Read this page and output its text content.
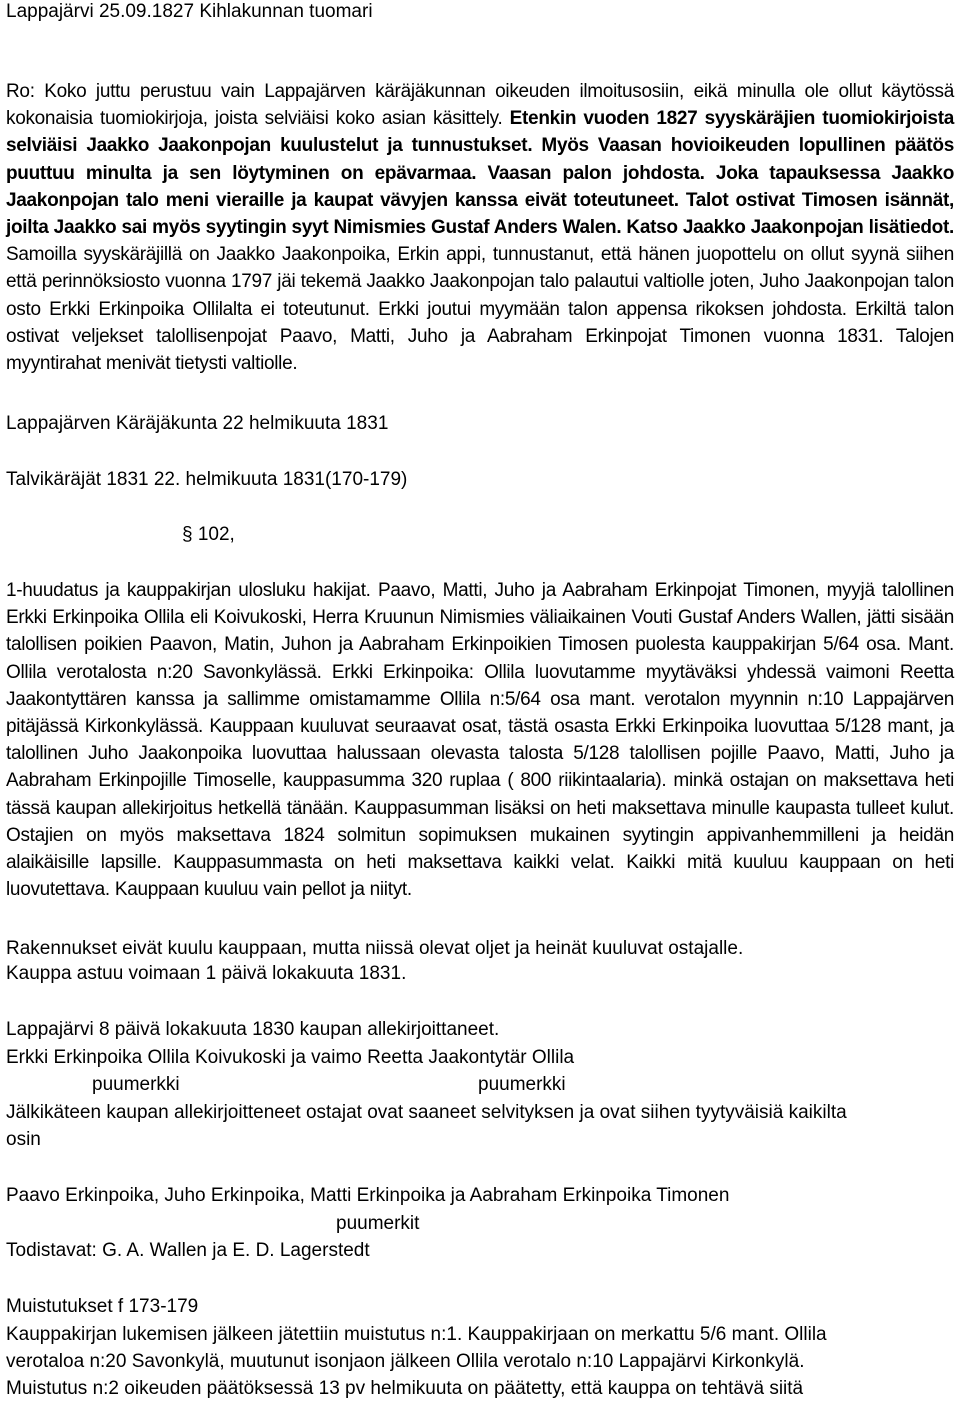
Lappajärvi 25.09.1827 Kihlakunnan tuomari
Ro: Koko juttu perustuu vain Lappajärven käräjäkunnan oikeuden ilmoitusosiin, eikä minulla ole ollut käytössä kokonaisia tuomiokirjoja, joista selviäisi koko asian käsittely. Etenkin vuoden 1827 syyskäräjien tuomiokirjoista selviäisi Jaakko Jaakonpojan kuulustelut ja tunnustukset. Myös Vaasan hovioikeuden lopullinen päätös puuttuu minulta ja sen löytyminen on epävarmaa. Vaasan palon johdosta. Joka tapauksessa Jaakko Jaakonpojan talo meni vieraille ja kaupat vävyjen kanssa eivät toteutuneet. Talot ostivat Timosen isännät, joilta Jaakko sai myös syytingin syyt Nimismies Gustaf Anders Walen. Katso Jaakko Jaakonpojan lisätiedot. Samoilla syyskäräjillä on Jaakko Jaakonpoika, Erkin appi, tunnustanut, että hänen juopottelu on ollut syynä siihen että perinnöksiosto vuonna 1797 jäi tekemä Jaakko Jaakonpojan talo palautui valtiolle joten, Juho Jaakonpojan talon osto Erkki Erkinpoika Ollilalta ei toteutunut. Erkki joutui myymään talon appensa rikoksen johdosta. Erkiltä talon ostivat veljekset talollisenpojat Paavo, Matti, Juho ja Aabraham Erkinpojat Timonen vuonna 1831. Talojen myyntirahat menivät tietysti valtiolle.
Lappajärven Käräjäkunta 22 helmikuuta 1831
Talvikäräjät 1831 22. helmikuuta 1831(170-179)
§ 102,
1-huudatus ja kauppakirjan ulosluku hakijat. Paavo, Matti, Juho ja Aabraham Erkinpojat Timonen, myyjä talollinen Erkki Erkinpoika Ollila eli Koivukoski, Herra Kruunun Nimismies väliaikainen Vouti Gustaf Anders Wallen, jätti sisään talollisen poikien Paavon, Matin, Juhon ja Aabraham Erkinpoikien Timosen puolesta kauppakirjan 5/64 osa. Mant. Ollila verotalosta n:20 Savonkylässä. Erkki Erkinpoika: Ollila luovutamme myytäväksi yhdessä vaimoni Reetta Jaakontyttären kanssa ja sallimme omistamamme Ollila n:5/64 osa mant. verotalon myynnin n:10 Lappajärven pitäjässä Kirkonkylässä. Kauppaan kuuluvat seuraavat osat, tästä osasta Erkki Erkinpoika luovuttaa 5/128 mant, ja talollinen Juho Jaakonpoika luovuttaa halussaan olevasta talosta 5/128 talollisen pojille Paavo, Matti, Juho ja Aabraham Erkinpojille Timoselle, kauppasumma 320 ruplaa ( 800 riikintaalaria). minkä ostajan on maksettava heti tässä kaupan allekirjoitus hetkellä tänään. Kauppasumman lisäksi on heti maksettava minulle kaupasta tulleet kulut. Ostajien on myös maksettava 1824 solmitun sopimuksen mukainen syytingin appivanhemmilleni ja heidän alaikäisille lapsille. Kauppasummasta on heti maksettava kaikki velat. Kaikki mitä kuuluu kauppaan on heti luovutettava. Kauppaan kuuluu vain pellot ja niityt.
Rakennukset eivät kuulu kauppaan, mutta niissä olevat oljet ja heinät kuuluvat ostajalle.
Kauppa astuu voimaan 1 päivä lokakuuta 1831.
Lappajärvi 8 päivä lokakuuta 1830 kaupan allekirjoittaneet.
Erkki Erkinpoika Ollila Koivukoski ja vaimo Reetta Jaakontytär Ollila
puumerkki	puumerkki
Jälkikäteen kaupan allekirjoitteneet ostajat ovat saaneet selvityksen ja ovat siihen tyytyväisiä kaikilta
osin
Paavo Erkinpoika, Juho Erkinpoika, Matti Erkinpoika ja Aabraham Erkinpoika Timonen
puumerkit
Todistavat: G. A. Wallen ja E. D. Lagerstedt
Muistutukset f 173-179
Kauppakirjan lukemisen jälkeen jätettiin muistutus n:1. Kauppakirjaan on merkattu 5/6 mant. Ollila
verotaloa n:20 Savonkylä, muutunut isonjaon jälkeen Ollila verotalo n:10 Lappajärvi Kirkonkylä.
Muistutus n:2 oikeuden päätöksessä 13 pv helmikuuta on päätetty, että kauppa on tehtävä siitä
